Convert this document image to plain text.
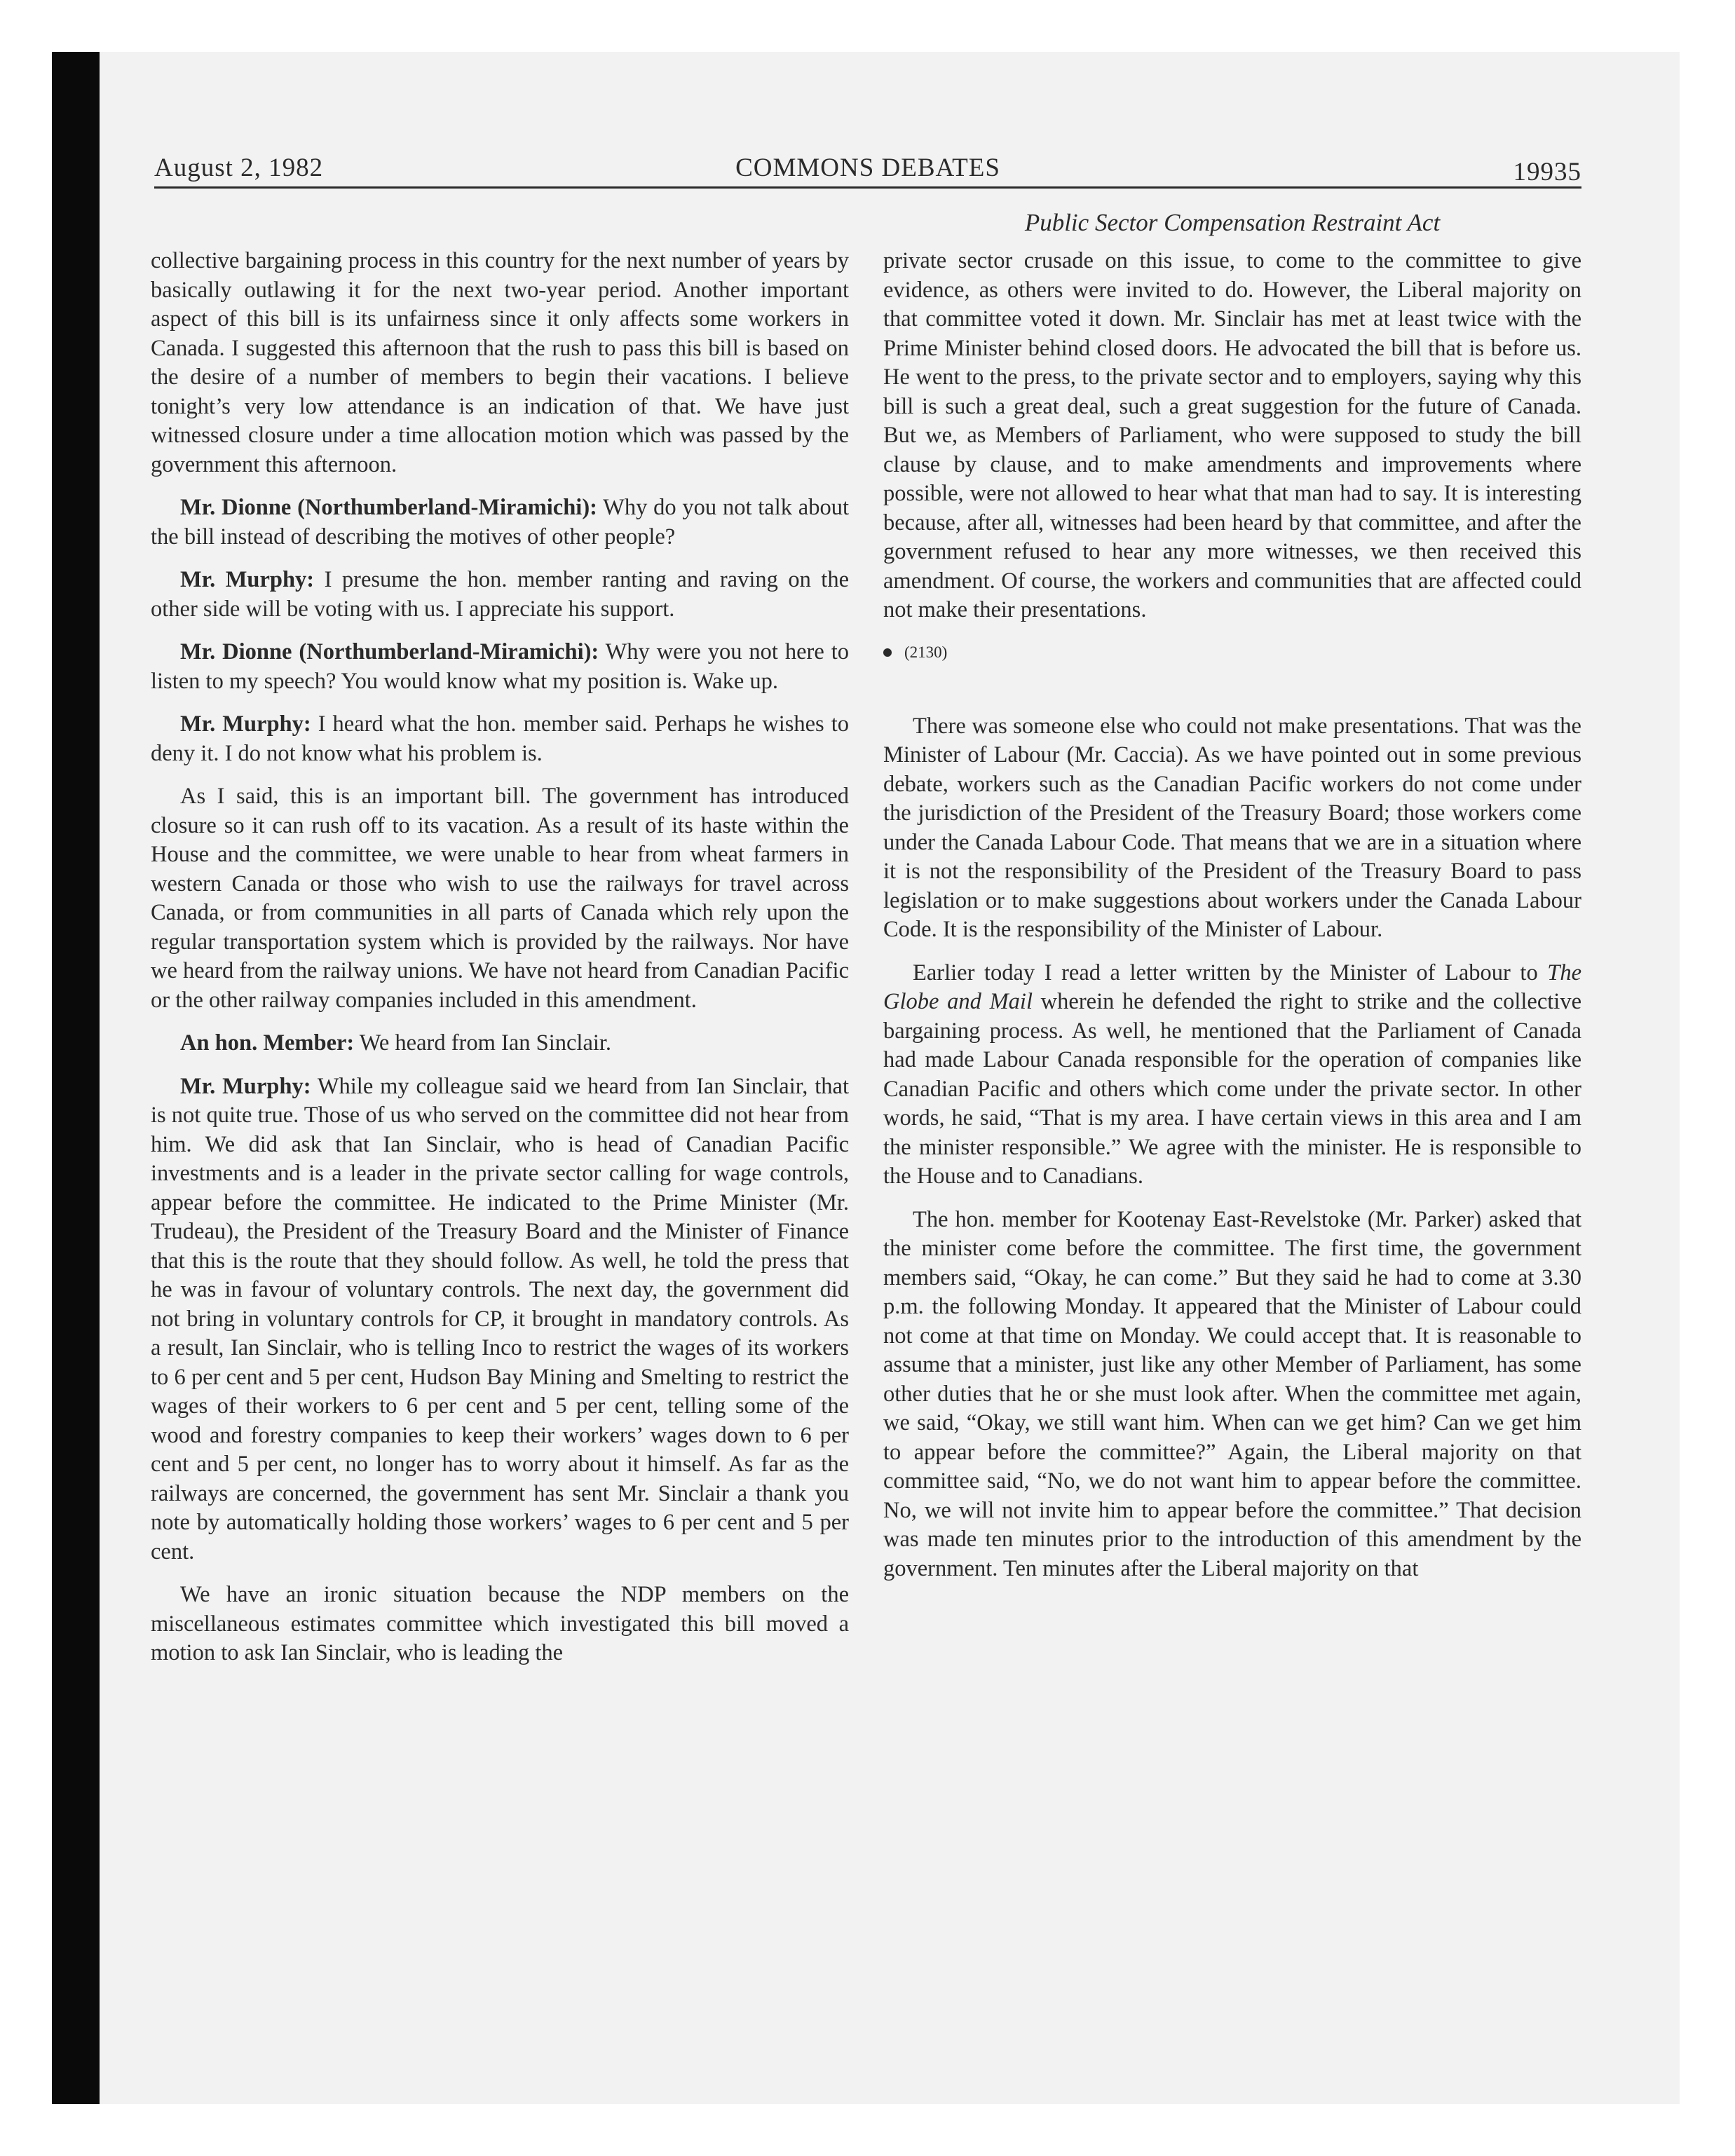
August 2, 1982	COMMONS DEBATES	19935
Public Sector Compensation Restraint Act

collective bargaining process in this country for the next number of years by basically outlawing it for the next two-year period. Another important aspect of this bill is its unfairness since it only affects some workers in Canada. I suggested this afternoon that the rush to pass this bill is based on the desire of a number of members to begin their vacations. I believe tonight’s very low attendance is an indication of that. We have just witnessed closure under a time allocation motion which was passed by the government this afternoon.

Mr. Dionne (Northumberland-Miramichi): Why do you not talk about the bill instead of describing the motives of other people?

Mr. Murphy: I presume the hon. member ranting and raving on the other side will be voting with us. I appreciate his support.

Mr. Dionne (Northumberland-Miramichi): Why were you not here to listen to my speech? You would know what my position is. Wake up.

Mr. Murphy: I heard what the hon. member said. Perhaps he wishes to deny it. I do not know what his problem is.

As I said, this is an important bill. The government has introduced closure so it can rush off to its vacation. As a result of its haste within the House and the committee, we were unable to hear from wheat farmers in western Canada or those who wish to use the railways for travel across Canada, or from communities in all parts of Canada which rely upon the regular transportation system which is provided by the railways. Nor have we heard from the railway unions. We have not heard from Canadian Pacific or the other railway companies included in this amendment.

An hon. Member: We heard from Ian Sinclair.

Mr. Murphy: While my colleague said we heard from Ian Sinclair, that is not quite true. Those of us who served on the committee did not hear from him. We did ask that Ian Sinclair, who is head of Canadian Pacific investments and is a leader in the private sector calling for wage controls, appear before the committee. He indicated to the Prime Minister (Mr. Trudeau), the President of the Treasury Board and the Minister of Finance that this is the route that they should follow. As well, he told the press that he was in favour of voluntary controls. The next day, the government did not bring in voluntary controls for CP, it brought in mandatory controls. As a result, Ian Sinclair, who is telling Inco to restrict the wages of its workers to 6 per cent and 5 per cent, Hudson Bay Mining and Smelting to restrict the wages of their workers to 6 per cent and 5 per cent, telling some of the wood and forestry companies to keep their workers’ wages down to 6 per cent and 5 per cent, no longer has to worry about it himself. As far as the railways are concerned, the government has sent Mr. Sinclair a thank you note by automatically holding those workers’ wages to 6 per cent and 5 per cent.

We have an ironic situation because the NDP members on the miscellaneous estimates committee which investigated this bill moved a motion to ask Ian Sinclair, who is leading the

private sector crusade on this issue, to come to the committee to give evidence, as others were invited to do. However, the Liberal majority on that committee voted it down. Mr. Sinclair has met at least twice with the Prime Minister behind closed doors. He advocated the bill that is before us. He went to the press, to the private sector and to employers, saying why this bill is such a great deal, such a great suggestion for the future of Canada. But we, as Members of Parliament, who were supposed to study the bill clause by clause, and to make amendments and improvements where possible, were not allowed to hear what that man had to say. It is interesting because, after all, witnesses had been heard by that committee, and after the government refused to hear any more witnesses, we then received this amendment. Of course, the workers and communities that are affected could not make their presentations.

(2130)

There was someone else who could not make presentations. That was the Minister of Labour (Mr. Caccia). As we have pointed out in some previous debate, workers such as the Canadian Pacific workers do not come under the jurisdiction of the President of the Treasury Board; those workers come under the Canada Labour Code. That means that we are in a situation where it is not the responsibility of the President of the Treasury Board to pass legislation or to make suggestions about workers under the Canada Labour Code. It is the responsibility of the Minister of Labour.

Earlier today I read a letter written by the Minister of Labour to The Globe and Mail wherein he defended the right to strike and the collective bargaining process. As well, he mentioned that the Parliament of Canada had made Labour Canada responsible for the operation of companies like Canadian Pacific and others which come under the private sector. In other words, he said, “That is my area. I have certain views in this area and I am the minister responsible.” We agree with the minister. He is responsible to the House and to Canadians.

The hon. member for Kootenay East-Revelstoke (Mr. Parker) asked that the minister come before the committee. The first time, the government members said, “Okay, he can come.” But they said he had to come at 3.30 p.m. the following Monday. It appeared that the Minister of Labour could not come at that time on Monday. We could accept that. It is reasonable to assume that a minister, just like any other Member of Parliament, has some other duties that he or she must look after. When the committee met again, we said, “Okay, we still want him. When can we get him? Can we get him to appear before the committee?” Again, the Liberal majority on that committee said, “No, we do not want him to appear before the committee. No, we will not invite him to appear before the committee.” That decision was made ten minutes prior to the introduction of this amendment by the government. Ten minutes after the Liberal majority on that
